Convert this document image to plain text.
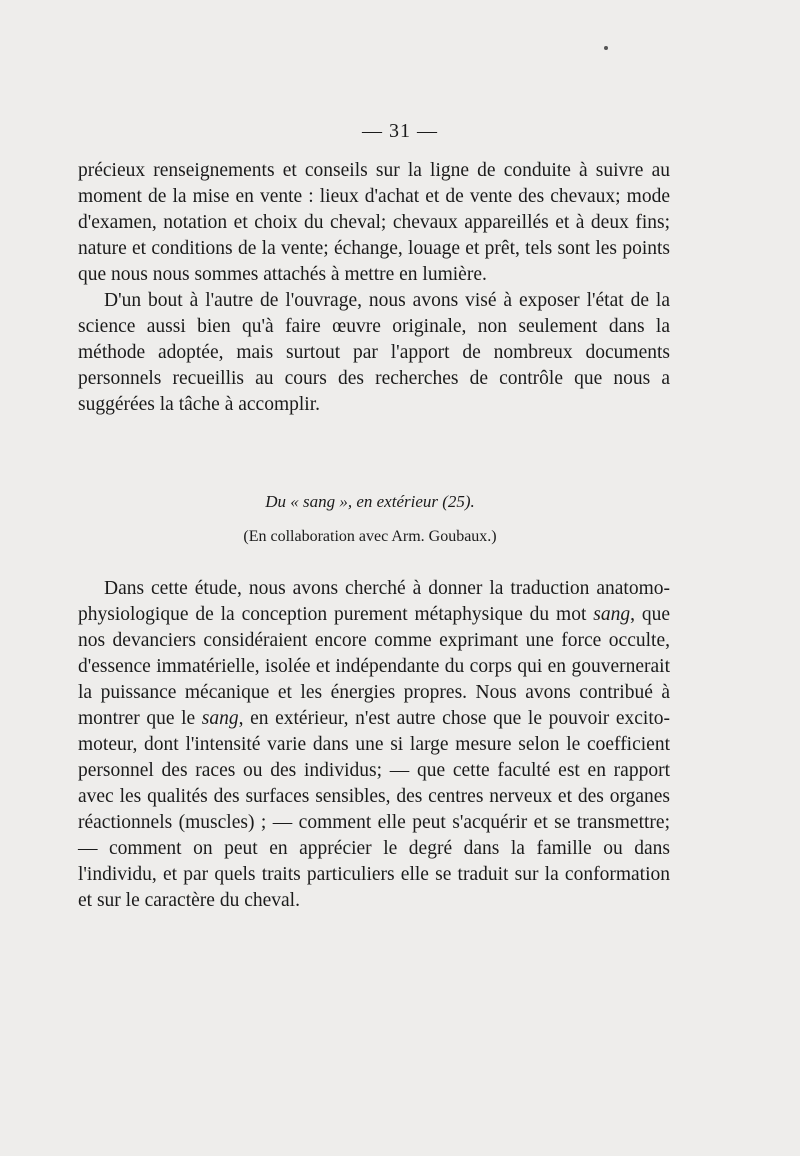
— 31 —

précieux renseignements et conseils sur la ligne de conduite à suivre au moment de la mise en vente : lieux d'achat et de vente des chevaux; mode d'examen, notation et choix du cheval; chevaux appareillés et à deux fins; nature et conditions de la vente; échange, louage et prêt, tels sont les points que nous nous sommes attachés à mettre en lumière.

D'un bout à l'autre de l'ouvrage, nous avons visé à exposer l'état de la science aussi bien qu'à faire œuvre originale, non seulement dans la méthode adoptée, mais surtout par l'apport de nombreux documents personnels recueillis au cours des recherches de contrôle que nous a suggérées la tâche à accomplir.

Du « sang », en extérieur (25).
(En collaboration avec Arm. Goubaux.)

Dans cette étude, nous avons cherché à donner la traduction anatomo-physiologique de la conception purement métaphysique du mot sang, que nos devanciers considéraient encore comme exprimant une force occulte, d'essence immatérielle, isolée et indépendante du corps qui en gouvernerait la puissance mécanique et les énergies propres. Nous avons contribué à montrer que le sang, en extérieur, n'est autre chose que le pouvoir excito-moteur, dont l'intensité varie dans une si large mesure selon le coefficient personnel des races ou des individus; — que cette faculté est en rapport avec les qualités des surfaces sensibles, des centres nerveux et des organes réactionnels (muscles) ; — comment elle peut s'acquérir et se transmettre; — comment on peut en apprécier le degré dans la famille ou dans l'individu, et par quels traits particuliers elle se traduit sur la conformation et sur le caractère du cheval.
